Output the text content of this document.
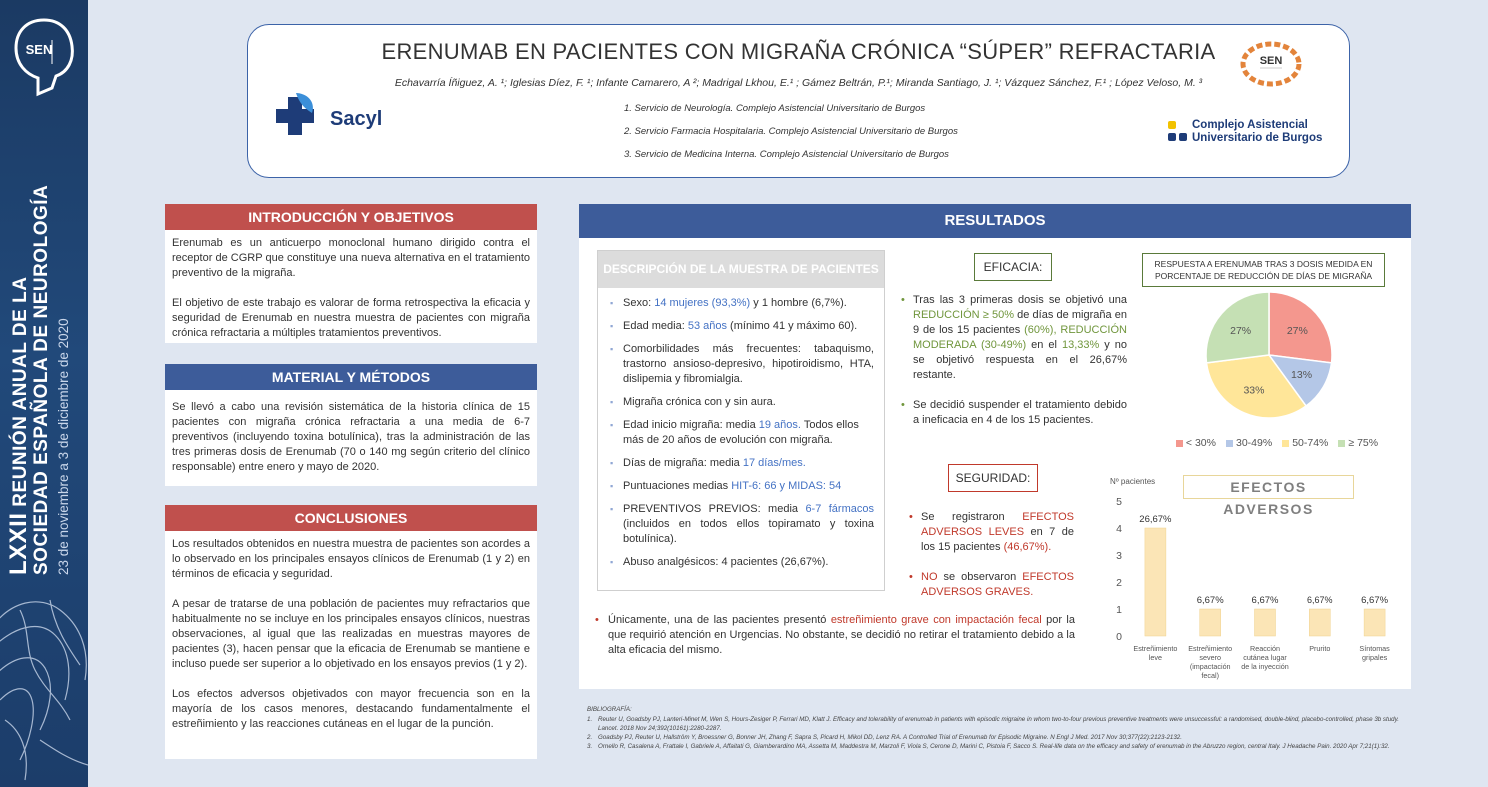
SEN
LXXII REUNIÓN ANUAL DE LA SOCIEDAD ESPAÑOLA DE NEUROLOGÍA 23 de noviembre a 3 de diciembre de 2020
ERENUMAB EN PACIENTES CON MIGRAÑA CRÓNICA “SÚPER” REFRACTARIA
Echavarría Íñiguez, A. ¹; Iglesias Díez, F. ¹; Infante Camarero, A ²; Madrigal Lkhou, E.¹ ; Gámez Beltrán, P.¹; Miranda Santiago, J. ¹; Vázquez Sánchez, F.¹ ; López Veloso, M. ³
Sacyl	1. Servicio de Neurología. Complejo Asistencial Universitario de Burgos
2. Servicio Farmacia Hospitalaria. Complejo Asistencial Universitario de Burgos
3. Servicio de Medicina Interna. Complejo Asistencial Universitario de Burgos
SEN
Complejo Asistencial
Universitario de Burgos
INTRODUCCIÓN Y OBJETIVOS

Erenumab es un anticuerpo monoclonal humano dirigido contra el receptor de CGRP que constituye una nueva alternativa en el tratamiento preventivo de la migraña.

El objetivo de este trabajo es valorar de forma retrospectiva la eficacia y seguridad de Erenumab en nuestra muestra de pacientes con migraña crónica refractaria a múltiples tratamientos preventivos.

MATERIAL Y MÉTODOS

Se llevó a cabo una revisión sistemática de la historia clínica de 15 pacientes con migraña crónica refractaria a una media de 6-7 preventivos (incluyendo toxina botulínica), tras la administración de las tres primeras dosis de Erenumab (70 o 140 mg según criterio del clínico responsable) entre enero y mayo de 2020.

CONCLUSIONES

Los resultados obtenidos en nuestra muestra de pacientes son acordes a lo observado en los principales ensayos clínicos de Erenumab (1 y 2) en términos de eficacia y seguridad.

A pesar de tratarse de una población de pacientes muy refractarios que habitualmente no se incluye en los principales ensayos clínicos, nuestras observaciones, al igual que las realizadas en muestras mayores de pacientes (3), hacen pensar que la eficacia de Erenumab se mantiene e incluso puede ser superior a lo objetivado en los ensayos previos (1 y 2).

Los efectos adversos objetivados con mayor frecuencia son en la mayoría de los casos menores, destacando fundamentalmente el estreñimiento y las reacciones cutáneas en el lugar de la punción.

RESULTADOS
DESCRIPCIÓN DE LA MUESTRA DE PACIENTES
▪ Sexo: 14 mujeres (93,3%) y 1 hombre (6,7%).
▪ Edad media: 53 años (mínimo 41 y máximo 60).
▪ Comorbilidades más frecuentes: tabaquismo, trastorno ansioso-depresivo, hipotiroidismo, HTA, dislipemia y fibromialgia.
▪ Migraña crónica con y sin aura.
▪ Edad inicio migraña: media 19 años. Todos ellos más de 20 años de evolución con migraña.
▪ Días de migraña: media 17 días/mes.
▪ Puntuaciones medias HIT-6: 66 y MIDAS: 54
▪ PREVENTIVOS PREVIOS: media 6-7 fármacos (incluidos en todos ellos topiramato y toxina botulínica).
▪ Abuso analgésicos: 4 pacientes (26,67%).
EFICACIA:
• Tras las 3 primeras dosis se objetivó una REDUCCIÓN ≥ 50% de días de migraña en 9 de los 15 pacientes (60%), REDUCCIÓN MODERADA (30-49%) en el 13,33% y no se objetivó respuesta en el 26,67% restante.
• Se decidió suspender el tratamiento debido a ineficacia en 4 de los 15 pacientes.
SEGURIDAD:
• Se registraron EFECTOS ADVERSOS LEVES en 7 de los 15 pacientes (46,67%).
• NO se observaron EFECTOS ADVERSOS GRAVES.
• Únicamente, una de las pacientes presentó estreñimiento grave con impactación fecal por la que requirió atención en Urgencias. No obstante, se decidió no retirar el tratamiento debido a la alta eficacia del mismo.
RESPUESTA A ERENUMAB TRAS 3 DOSIS MEDIDA EN PORCENTAJE DE REDUCCIÓN DE DÍAS DE MIGRAÑA
27%
13%
33%
27%
< 30%	30-49%	50-74%	≥ 75%
EFECTOS ADVERSOS
Nº pacientes
0
1
2
3
4
5
26,67%
Estreñimiento leve
6,67%
Estreñimiento severo (impactación fecal)
6,67%
Reacción cutánea lugar de la inyección
6,67%
Prurito
6,67%
Síntomas gripales
BIBLIOGRAFÍA:
1. Reuter U, Goadsby PJ, Lanteri-Minet M, Wen S, Hours-Zesiger P, Ferrari MD, Klatt J. Efficacy and tolerability of erenumab in patients with episodic migraine in whom two-to-four previous preventive treatments were unsuccessful: a randomised, double-blind, placebo-controlled, phase 3b study. Lancet. 2018 Nov 24;392(10161):2280-2287.
2. Goadsby PJ, Reuter U, Hallström Y, Broessner G, Bonner JH, Zhang F, Sapra S, Picard H, Mikol DD, Lenz RA. A Controlled Trial of Erenumab for Episodic Migraine. N Engl J Med. 2017 Nov 30;377(22):2123-2132.
3. Ornello R, Casalena A, Frattale I, Gabriele A, Affaitati G, Giamberardino MA, Assetta M, Maddestra M, Marzoli F, Viola S, Cerone D, Marini C, Pistoia F, Sacco S. Real-life data on the efficacy and safety of erenumab in the Abruzzo region, central Italy. J Headache Pain. 2020 Apr 7;21(1):32.
